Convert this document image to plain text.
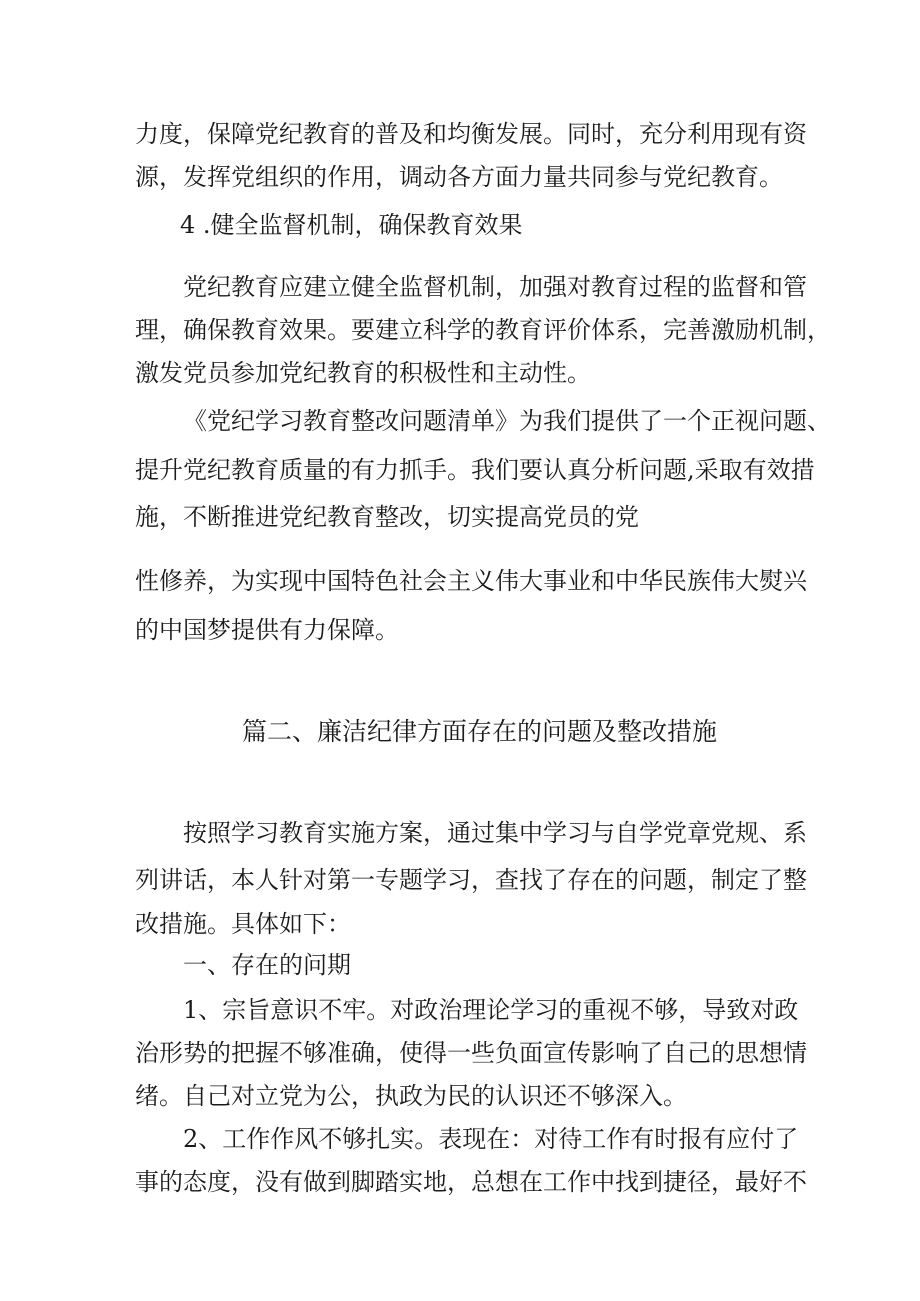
力度，保障党纪教育的普及和均衡发展。同时，充分利用现有资
源，发挥党组织的作用，调动各方面力量共同参与党纪教育。
4 .健全监督机制，确保教育效果
党纪教育应建立健全监督机制，加强对教育过程的监督和管
理，确保教育效果。要建立科学的教育评价体系，完善激励机制，
激发党员参加党纪教育的积极性和主动性。
《党纪学习教育整改问题清单》为我们提供了一个正视问题、
提升党纪教育质量的有力抓手。我们要认真分析问题,采取有效措
施，不断推进党纪教育整改，切实提高党员的党
性修养，为实现中国特色社会主义伟大事业和中华民族伟大熨兴
的中国梦提供有力保障。
篇二、廉洁纪律方面存在的问题及整改措施
按照学习教育实施方案，通过集中学习与自学党章党规、系
列讲话，本人针对第一专题学习，查找了存在的问题，制定了整
改措施。具体如下：
一、存在的问期
1、宗旨意识不牢。对政治理论学习的重视不够，导致对政
治形势的把握不够准确，使得一些负面宣传影响了自己的思想情
绪。自己对立党为公，执政为民的认识还不够深入。
2、工作作风不够扎实。表现在：对待工作有时报有应付了
事的态度，没有做到脚踏实地，总想在工作中找到捷径，最好不
